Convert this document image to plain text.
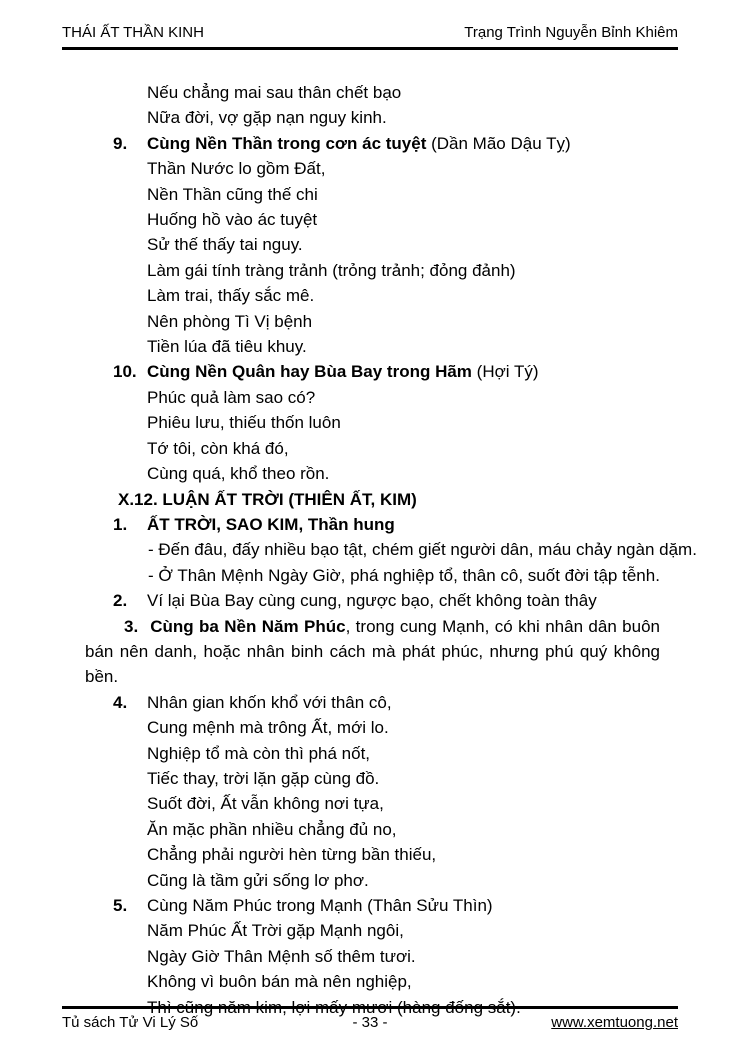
THÁI ẤT THẦN KINH	Trạng Trình Nguyễn Bỉnh Khiêm
Nếu chẳng mai sau thân chết bạo
Nữa đời, vợ gặp nạn nguy kinh.
9. Cùng Nền Thần trong cơn ác tuyệt (Dần Mão Dậu Tỵ)
Thần Nước lo gồm Đất,
Nền Thần cũng thế chi
Huống hồ vào ác tuyệt
Sử thế thấy tai nguy.
Làm gái tính tràng trảnh (trỏng trảnh; đỏng đảnh)
Làm trai, thấy sắc mê.
Nên phòng Tì Vị bệnh
Tiền lúa đã tiêu khuy.
10. Cùng Nền Quân hay Bùa Bay trong Hãm (Hợi Tý)
Phúc quả làm sao có?
Phiêu lưu, thiếu thốn luôn
Tớ tôi, còn khá đó,
Cùng quá, khổ theo rồn.
X.12. LUẬN ẤT TRỜI (THIÊN ẤT, KIM)
1. ẤT TRỜI, SAO KIM, Thần hung
- Đến đâu, đấy nhiều bạo tật, chém giết người dân, máu chảy ngàn dặm.
- Ở Thân Mệnh Ngày Giờ, phá nghiệp tổ, thân cô, suốt đời tập tễnh.
2. Ví lại Bùa Bay cùng cung, ngược bạo, chết không toàn thây
3. Cùng ba Nền Năm Phúc, trong cung Mạnh, có khi nhân dân buôn bán nên danh, hoặc nhân binh cách mà phát phúc, nhưng phú quý không bền.
4. Nhân gian khốn khổ với thân cô,
Cung mệnh mà trông Ất, mới lo.
Nghiệp tổ mà còn thì phá nốt,
Tiếc thay, trời lặn gặp cùng đồ.
Suốt đời, Ất vẫn không nơi tựa,
Ăn mặc phần nhiều chẳng đủ no,
Chẳng phải người hèn từng bần thiếu,
Cũng là tầm gửi sống lơ phơ.
5. Cùng Năm Phúc trong Mạnh (Thân Sửu Thìn)
Năm Phúc Ất Trời gặp Mạnh ngôi,
Ngày Giờ Thân Mệnh số thêm tươi.
Không vì buôn bán mà nên nghiệp,
Thì cũng năm kim, lợi mấy mươi (hàng đống sắt).
Tủ sách Tử Vi Lý Số	- 33 -	www.xemtuong.net
